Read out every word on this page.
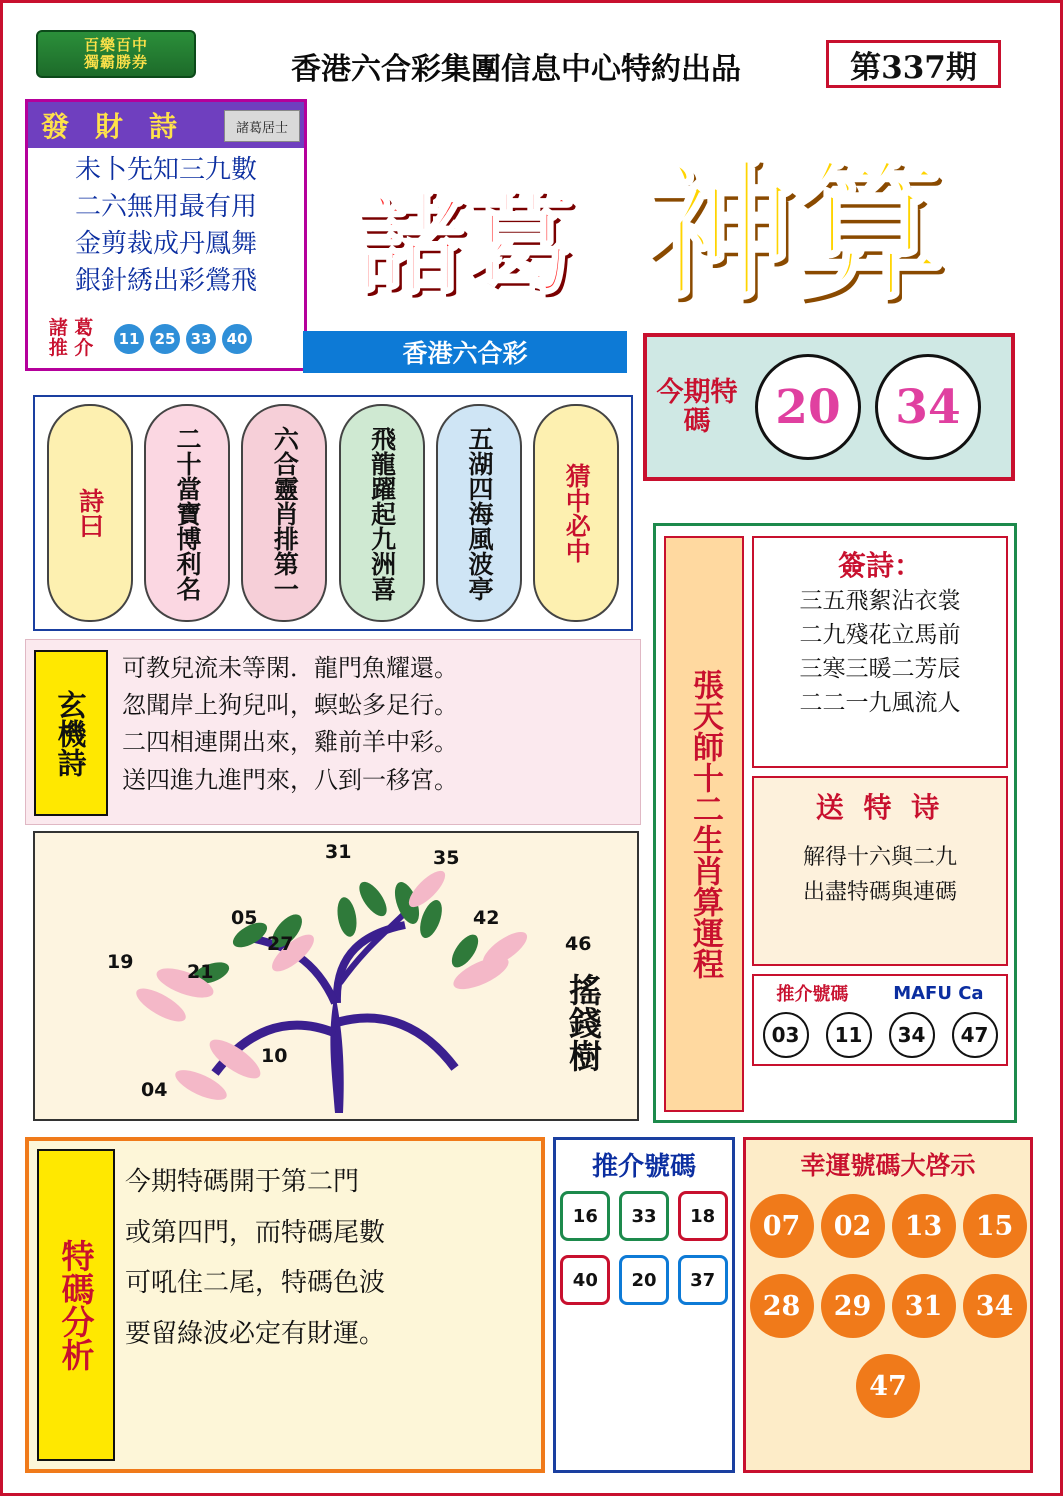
百樂百中
獨霸勝券	香港六合彩集團信息中心特約出品	第337期
發 財 詩	諸葛居士
未卜先知三九數
二六無用最有用
金剪裁成丹鳳舞
銀針綉出彩鶯飛
諸 葛
推 介	11	25	33	40
諸葛 神算
香港六合彩
今期特碼	20	34
詩曰	二十當寶博利名	六合靈肖排第一	飛龍躍起九洲喜	五湖四海風波亭	猜中必中
玄機詩
可教兒流未等閑．龍門魚耀還。
忽聞岸上狗兒叫，螟蚣多足行。
二四相連開出來，雞前羊中彩。
送四進九進門來，八到一移宮。
31	35
05	42
27	46
19	21
10
04
搖錢樹
張天師十二生肖算運程
簽詩：
三五飛絮沾衣裳
二九殘花立馬前
三寒三暖二芳辰
二二一九風流人
送 特 诗
解得十六與二九
出盡特碼與連碼
推介號碼 MAFU Ca
03	11	34	47
特碼分析
今期特碼開于第二門
或第四門，而特碼尾數
可吼住二尾，特碼色波
要留綠波必定有財運。
推介號碼
16	33	18
40	20	37
幸運號碼大啓示
07	02	13	15
28	29	31	34
47
